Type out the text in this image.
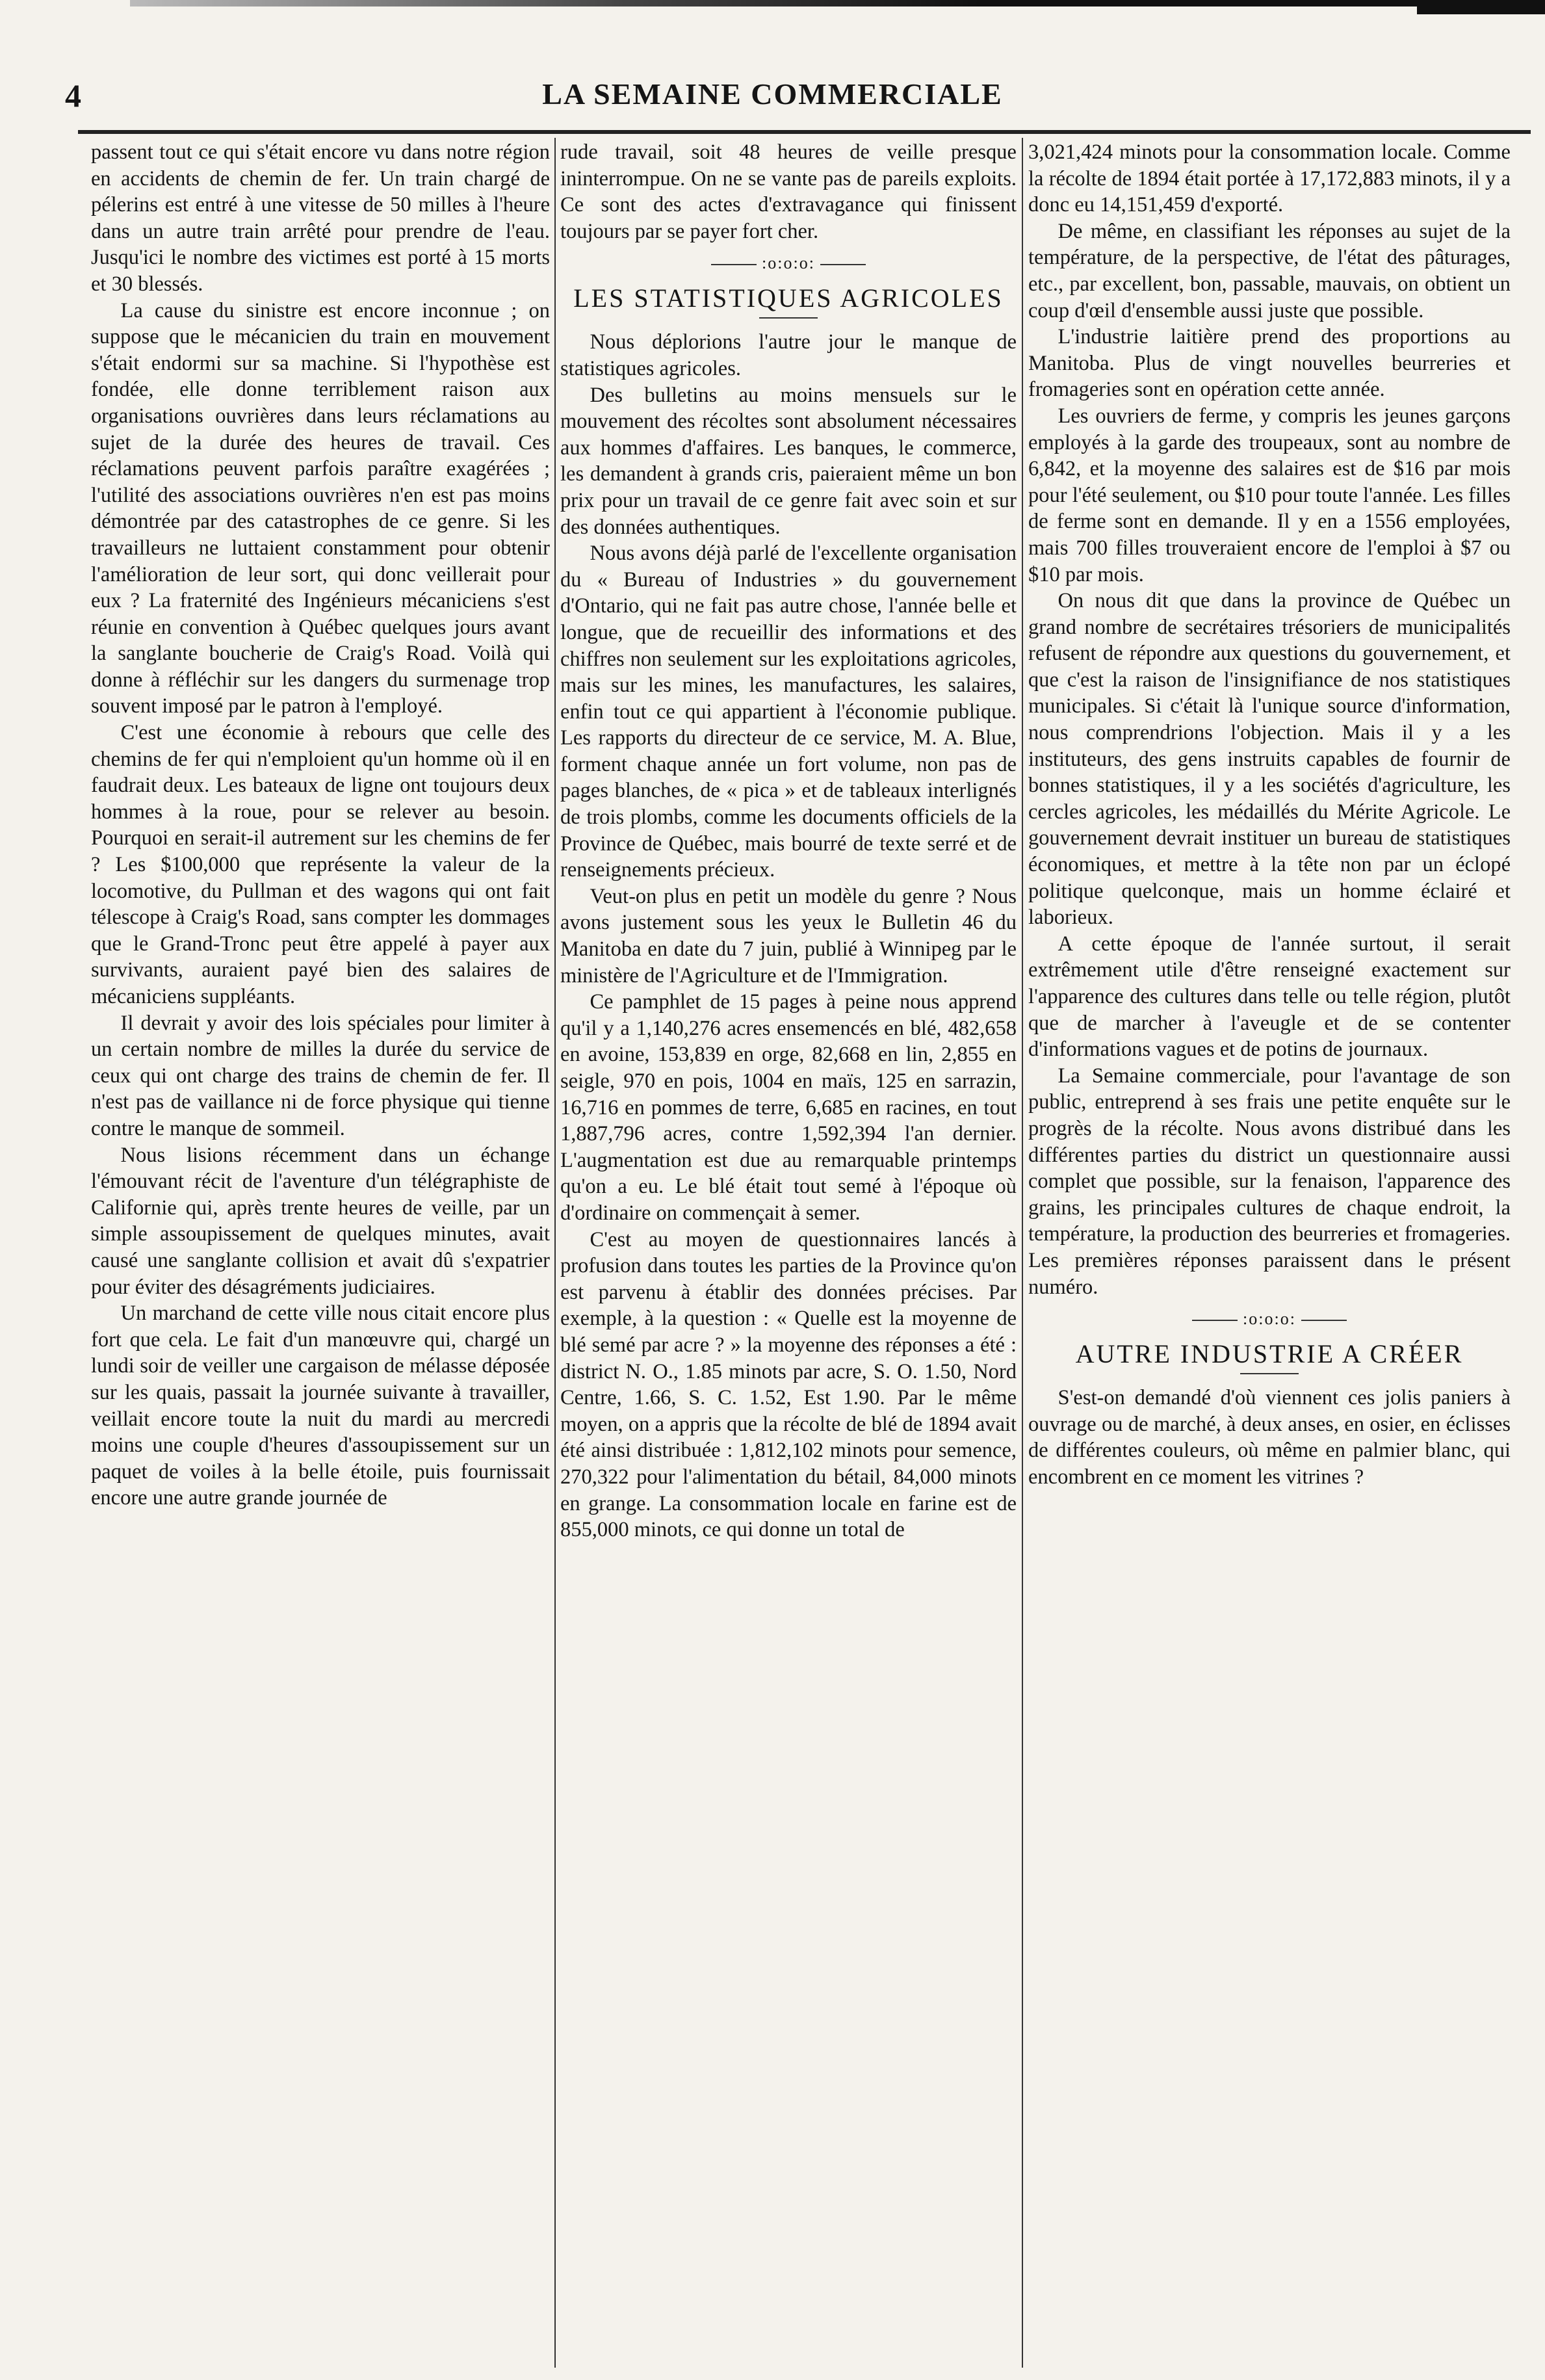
4	LA SEMAINE COMMERCIALE

passent tout ce qui s'était encore vu dans notre région en accidents de chemin de fer. Un train chargé de pélerins est entré à une vitesse de 50 milles à l'heure dans un autre train arrêté pour prendre de l'eau. Jusqu'ici le nombre des victimes est porté à 15 morts et 30 blessés.

La cause du sinistre est encore inconnue ; on suppose que le mécanicien du train en mouvement s'était endormi sur sa machine. Si l'hypothèse est fondée, elle donne terriblement raison aux organisations ouvrières dans leurs réclamations au sujet de la durée des heures de travail. Ces réclamations peuvent parfois paraître exagérées ; l'utilité des associations ouvrières n'en est pas moins démontrée par des catastrophes de ce genre. Si les travailleurs ne luttaient constamment pour obtenir l'amélioration de leur sort, qui donc veillerait pour eux ? La fraternité des Ingénieurs mécaniciens s'est réunie en convention à Québec quelques jours avant la sanglante boucherie de Craig's Road. Voilà qui donne à réfléchir sur les dangers du surmenage trop souvent imposé par le patron à l'employé.

C'est une économie à rebours que celle des chemins de fer qui n'emploient qu'un homme où il en faudrait deux. Les bateaux de ligne ont toujours deux hommes à la roue, pour se relever au besoin. Pourquoi en serait-il autrement sur les chemins de fer ? Les $100,000 que représente la valeur de la locomotive, du Pullman et des wagons qui ont fait télescope à Craig's Road, sans compter les dommages que le Grand-Tronc peut être appelé à payer aux survivants, auraient payé bien des salaires de mécaniciens suppléants.

Il devrait y avoir des lois spéciales pour limiter à un certain nombre de milles la durée du service de ceux qui ont charge des trains de chemin de fer. Il n'est pas de vaillance ni de force physique qui tienne contre le manque de sommeil.

Nous lisions récemment dans un échange l'émouvant récit de l'aventure d'un télégraphiste de Californie qui, après trente heures de veille, par un simple assoupissement de quelques minutes, avait causé une sanglante collision et avait dû s'expatrier pour éviter des désagréments judiciaires.

Un marchand de cette ville nous citait encore plus fort que cela. Le fait d'un manœuvre qui, chargé un lundi soir de veiller une cargaison de mélasse déposée sur les quais, passait la journée suivante à travailler, veillait encore toute la nuit du mardi au mercredi moins une couple d'heures d'assoupissement sur un paquet de voiles à la belle étoile, puis fournissait encore une autre grande journée de

rude travail, soit 48 heures de veille presque ininterrompue. On ne se vante pas de pareils exploits. Ce sont des actes d'extravagance qui finissent toujours par se payer fort cher.

:o:o:o:
LES STATISTIQUES AGRICOLES

Nous déplorions l'autre jour le manque de statistiques agricoles.

Des bulletins au moins mensuels sur le mouvement des récoltes sont absolument nécessaires aux hommes d'affaires. Les banques, le commerce, les demandent à grands cris, paieraient même un bon prix pour un travail de ce genre fait avec soin et sur des données authentiques.

Nous avons déjà parlé de l'excellente organisation du « Bureau of Industries » du gouvernement d'Ontario, qui ne fait pas autre chose, l'année belle et longue, que de recueillir des informations et des chiffres non seulement sur les exploitations agricoles, mais sur les mines, les manufactures, les salaires, enfin tout ce qui appartient à l'économie publique. Les rapports du directeur de ce service, M. A. Blue, forment chaque année un fort volume, non pas de pages blanches, de « pica » et de tableaux interlignés de trois plombs, comme les documents officiels de la Province de Québec, mais bourré de texte serré et de renseignements précieux.

Veut-on plus en petit un modèle du genre ? Nous avons justement sous les yeux le Bulletin 46 du Manitoba en date du 7 juin, publié à Winnipeg par le ministère de l'Agriculture et de l'Immigration.

Ce pamphlet de 15 pages à peine nous apprend qu'il y a 1,140,276 acres ensemencés en blé, 482,658 en avoine, 153,839 en orge, 82,668 en lin, 2,855 en seigle, 970 en pois, 1004 en maïs, 125 en sarrazin, 16,716 en pommes de terre, 6,685 en racines, en tout 1,887,796 acres, contre 1,592,394 l'an dernier. L'augmentation est due au remarquable printemps qu'on a eu. Le blé était tout semé à l'époque où d'ordinaire on commençait à semer.

C'est au moyen de questionnaires lancés à profusion dans toutes les parties de la Province qu'on est parvenu à établir des données précises. Par exemple, à la question : « Quelle est la moyenne de blé semé par acre ? » la moyenne des réponses a été : district N. O., 1.85 minots par acre, S. O. 1.50, Nord Centre, 1.66, S. C. 1.52, Est 1.90. Par le même moyen, on a appris que la récolte de blé de 1894 avait été ainsi distribuée : 1,812,102 minots pour semence, 270,322 pour l'alimentation du bétail, 84,000 minots en grange. La consommation locale en farine est de 855,000 minots, ce qui donne un total de

3,021,424 minots pour la consommation locale. Comme la récolte de 1894 était portée à 17,172,883 minots, il y a donc eu 14,151,459 d'exporté.

De même, en classifiant les réponses au sujet de la température, de la perspective, de l'état des pâturages, etc., par excellent, bon, passable, mauvais, on obtient un coup d'œil d'ensemble aussi juste que possible.

L'industrie laitière prend des proportions au Manitoba. Plus de vingt nouvelles beurreries et fromageries sont en opération cette année.

Les ouvriers de ferme, y compris les jeunes garçons employés à la garde des troupeaux, sont au nombre de 6,842, et la moyenne des salaires est de $16 par mois pour l'été seulement, ou $10 pour toute l'année. Les filles de ferme sont en demande. Il y en a 1556 employées, mais 700 filles trouveraient encore de l'emploi à $7 ou $10 par mois.

On nous dit que dans la province de Québec un grand nombre de secrétaires trésoriers de municipalités refusent de répondre aux questions du gouvernement, et que c'est la raison de l'insignifiance de nos statistiques municipales. Si c'était là l'unique source d'information, nous comprendrions l'objection. Mais il y a les instituteurs, des gens instruits capables de fournir de bonnes statistiques, il y a les sociétés d'agriculture, les cercles agricoles, les médaillés du Mérite Agricole. Le gouvernement devrait instituer un bureau de statistiques économiques, et mettre à la tête non par un éclopé politique quelconque, mais un homme éclairé et laborieux.

A cette époque de l'année surtout, il serait extrêmement utile d'être renseigné exactement sur l'apparence des cultures dans telle ou telle région, plutôt que de marcher à l'aveugle et de se contenter d'informations vagues et de potins de journaux.

La Semaine commerciale, pour l'avantage de son public, entreprend à ses frais une petite enquête sur le progrès de la récolte. Nous avons distribué dans les différentes parties du district un questionnaire aussi complet que possible, sur la fenaison, l'apparence des grains, les principales cultures de chaque endroit, la température, la production des beurreries et fromageries. Les premières réponses paraissent dans le présent numéro.

:o:o:o:
AUTRE INDUSTRIE A CRÉER

S'est-on demandé d'où viennent ces jolis paniers à ouvrage ou de marché, à deux anses, en osier, en éclisses de différentes couleurs, où même en palmier blanc, qui encombrent en ce moment les vitrines ?
